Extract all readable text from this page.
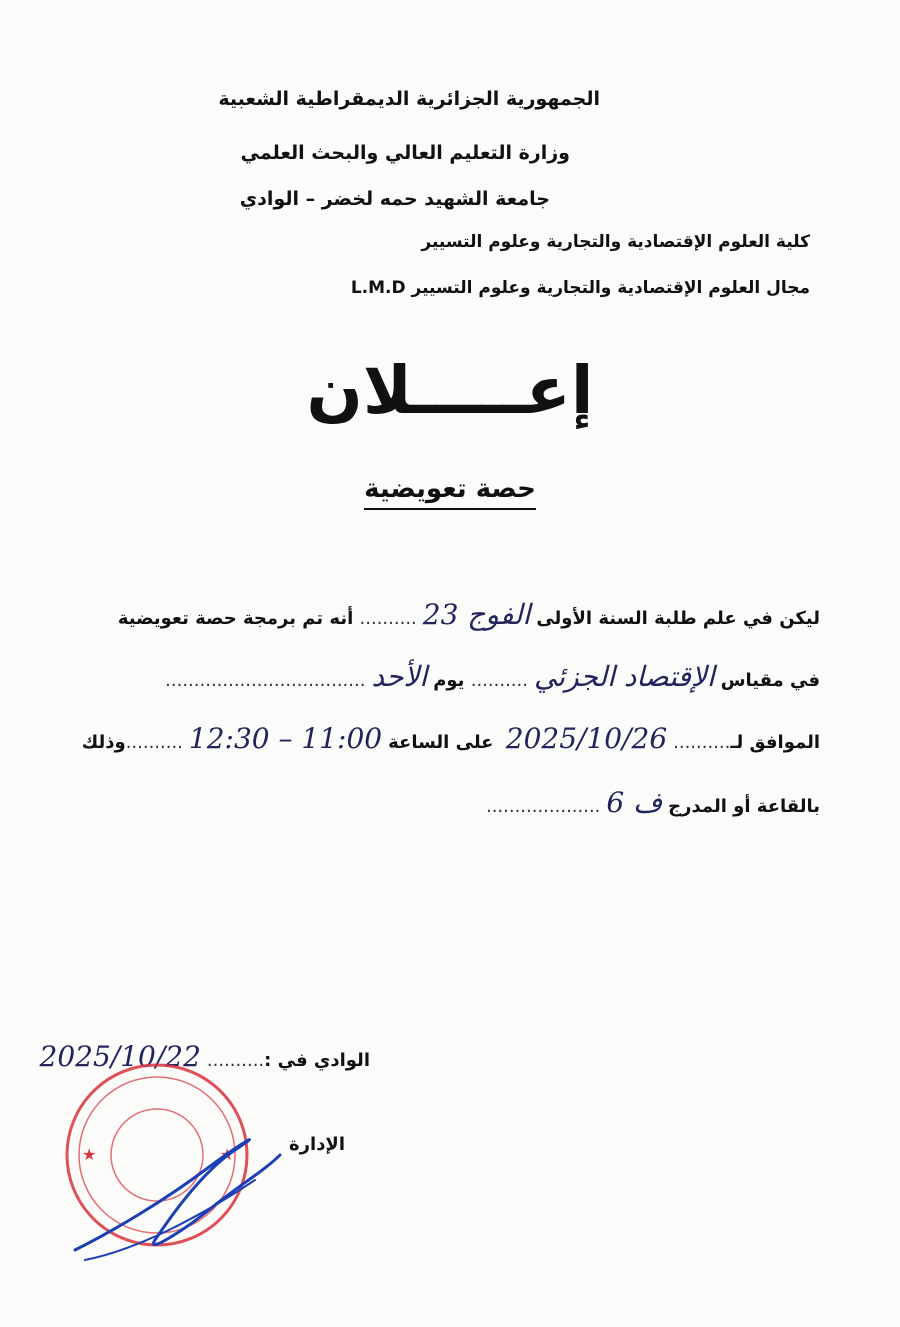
الجمهورية الجزائرية الديمقراطية الشعبية
وزارة التعليم العالي والبحث العلمي
جامعة الشهيد حمه لخضر – الوادي
كلية العلوم الإقتصادية والتجارية وعلوم التسيير
مجال العلوم الإقتصادية والتجارية وعلوم التسيير L.M.D
إعـــــلان
حصة تعويضية
ليكن في علم طلبة السنة الأولىالفوج 23.......... أنه تم برمجة حصة تعويضية
في مقياسالإقتصاد الجزئي.......... يومالأحد...................................
الموافق لـ..........2025/10/26 على الساعة11:00 – 12:30..........وذلك
بالقاعة أو المدرجف 6....................
الوادي في :..........2025/10/22
الإدارة
★	★
